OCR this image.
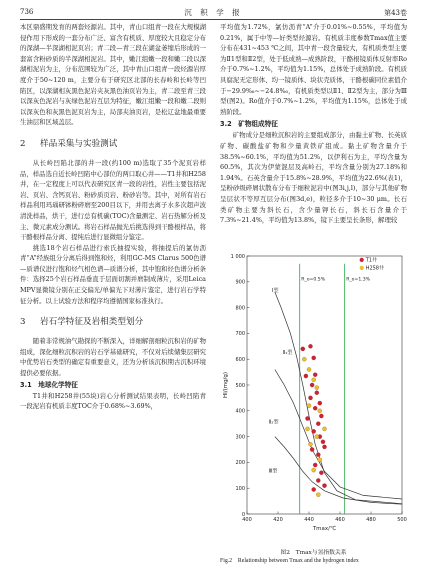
736	沉 积 学 报	第43卷

本区鼎盛期发育的两套烃源岩。其中，青山口组青一段在大规模湖侵作用下形成的一套分布广泛、富含有机质、厚度较大且稳定分布的深湖—半深湖相泥页岩；青二段—青三段在湖盆萎缩后形成的一套富含粉砂质的半深湖相泥岩。其中，嫩江组嫩一段和嫩二段以深湖相泥岩为主，分布范围较为广泛，其中青山口组青一段烃源岩厚度介于50~120 m，主要分布于研究区北部的长春岭和长岭等凹陷区，以深湖相灰黑色泥岩夹灰黑色油页岩为主，青二段至青三段以深灰色泥岩与灰绿色泥岩互层为特征，嫩江组嫩一段和嫩二段则以深灰色和灰黑色泥页岩为主，局部夹油页岩，是松辽盆地最重要生油层和区域盖层。

2 样品采集与实验测试

从长岭凹陷北部的井一段(约100 m)选取了35个泥页岩样品，样品选自近长岭凹陷中心部位的两口取心井——T1井和H258井，在一定程度上可以代表研究区青一段的岩性，岩性主要包括泥岩、页岩、含钙页岩、粉砂质页岩、粉砂岩等。其中，对所有岩石样品利用玛瑙研钵粉碎磨至200目以下，并用去离子水多次超声波清洗样品，烘干，进行总有机碳(TOC)含量测定、岩石热解分析及主、微元素成分测试。将岩石样品抛光后挑选得到干酪根样品，将干酪根样品分离、提纯后进行显微组分鉴定。

挑选18个岩石样品进行索氏抽提实验，将抽提后的氯仿沥青“A”经族组分分离后得到饱和烃，利用GC-MS Clarus 500色谱—质谱仪进行饱和烃气相色谱—质谱分析，其中饱和烃色谱分析条件：选择25个岩石样品垂直于层面切割并磨制成薄片，采用Leica MPV显微镜分别在正交偏光/单偏光下对薄片鉴定，进行岩石学特征分析。以上试验方法和程序均遵循国家标准执行。

3 岩石学特征及岩相类型划分

随着非常规油气勘探的不断深入，详细解剖细粒沉积岩的矿物组成，深化细粒沉积岩的岩石学基础研究，不仅对后续储集层研究中优势岩石类型的确定有重要意义，还为分析该沉积期古沉积环境提供必要依据。

3.1　地球化学特征

T1井和H258井(55块)岩心分析测试结果表明，长岭凹陷青一段泥岩有机质丰度TOC介于0.68%~3.69%，

平均值为1.72%，氯仿沥青“A”介于0.01%~0.55%，平均值为0.21%，属于中等—好类型烃源岩。有机质丰度参数Tmax值主要分布在431~453 ℃之间，其中青一段含量较大，有机质类型主要为Ⅱ1型和Ⅱ2型，处于低成熟—成熟阶段，干酪根镜质体反射率Ro介于0.7%~1.2%，平均值为1.15%，总体处于成熟阶段。有机质具腐泥无定形体、均一镜质体、块状壳质体，干酪根碳同位素值介于−29.9‰~−24.8‰，有机质类型以Ⅱ1、Ⅱ2型为主，部分为Ⅲ型(图2)。Ro值介于0.7%~1.2%，平均值为1.15%，总体处于成熟阶段。

3.2　矿物组成特征

矿物成分是细粒沉积岩的主要组成部分，由黏土矿物、长英质矿物、碳酸盐矿物和少量黄铁矿组成。黏土矿物含量介于38.5%~60.1%，平均值为51.2%，以伊利石为主，平均含量为60.5%，其次为伊蒙混层及高岭石，平均含量分别为27.18%和1.94%。石英含量介于15.8%~28.9%，平均值为22.6%(表1)，呈粉砂级碎屑状散布分布于细粒泥岩中(图3i,j,l)，部分与其他矿物呈层状不等厚互层分布(图3d,e)，粒径多介于10~30 μm。长石类矿物主要为斜长石，含少量钾长石，斜长石含量介于7.3%~21.4%，平均值为13.8%，镜下主要呈长条形，解理较

0
100
200
300
400
500
600
700
800
900
1 000
400	420	440	460	480	500
Tmax/℃
HI/(mg/g)
R_o=0.5%	R_o=1.3%
Ⅰ型
Ⅱ₁型
Ⅱ₂型
Ⅲ型
T1井
H258井
图2　Tmax与氢指数关系
Fig.2　Relationship between Tmax and the hydrogen index
